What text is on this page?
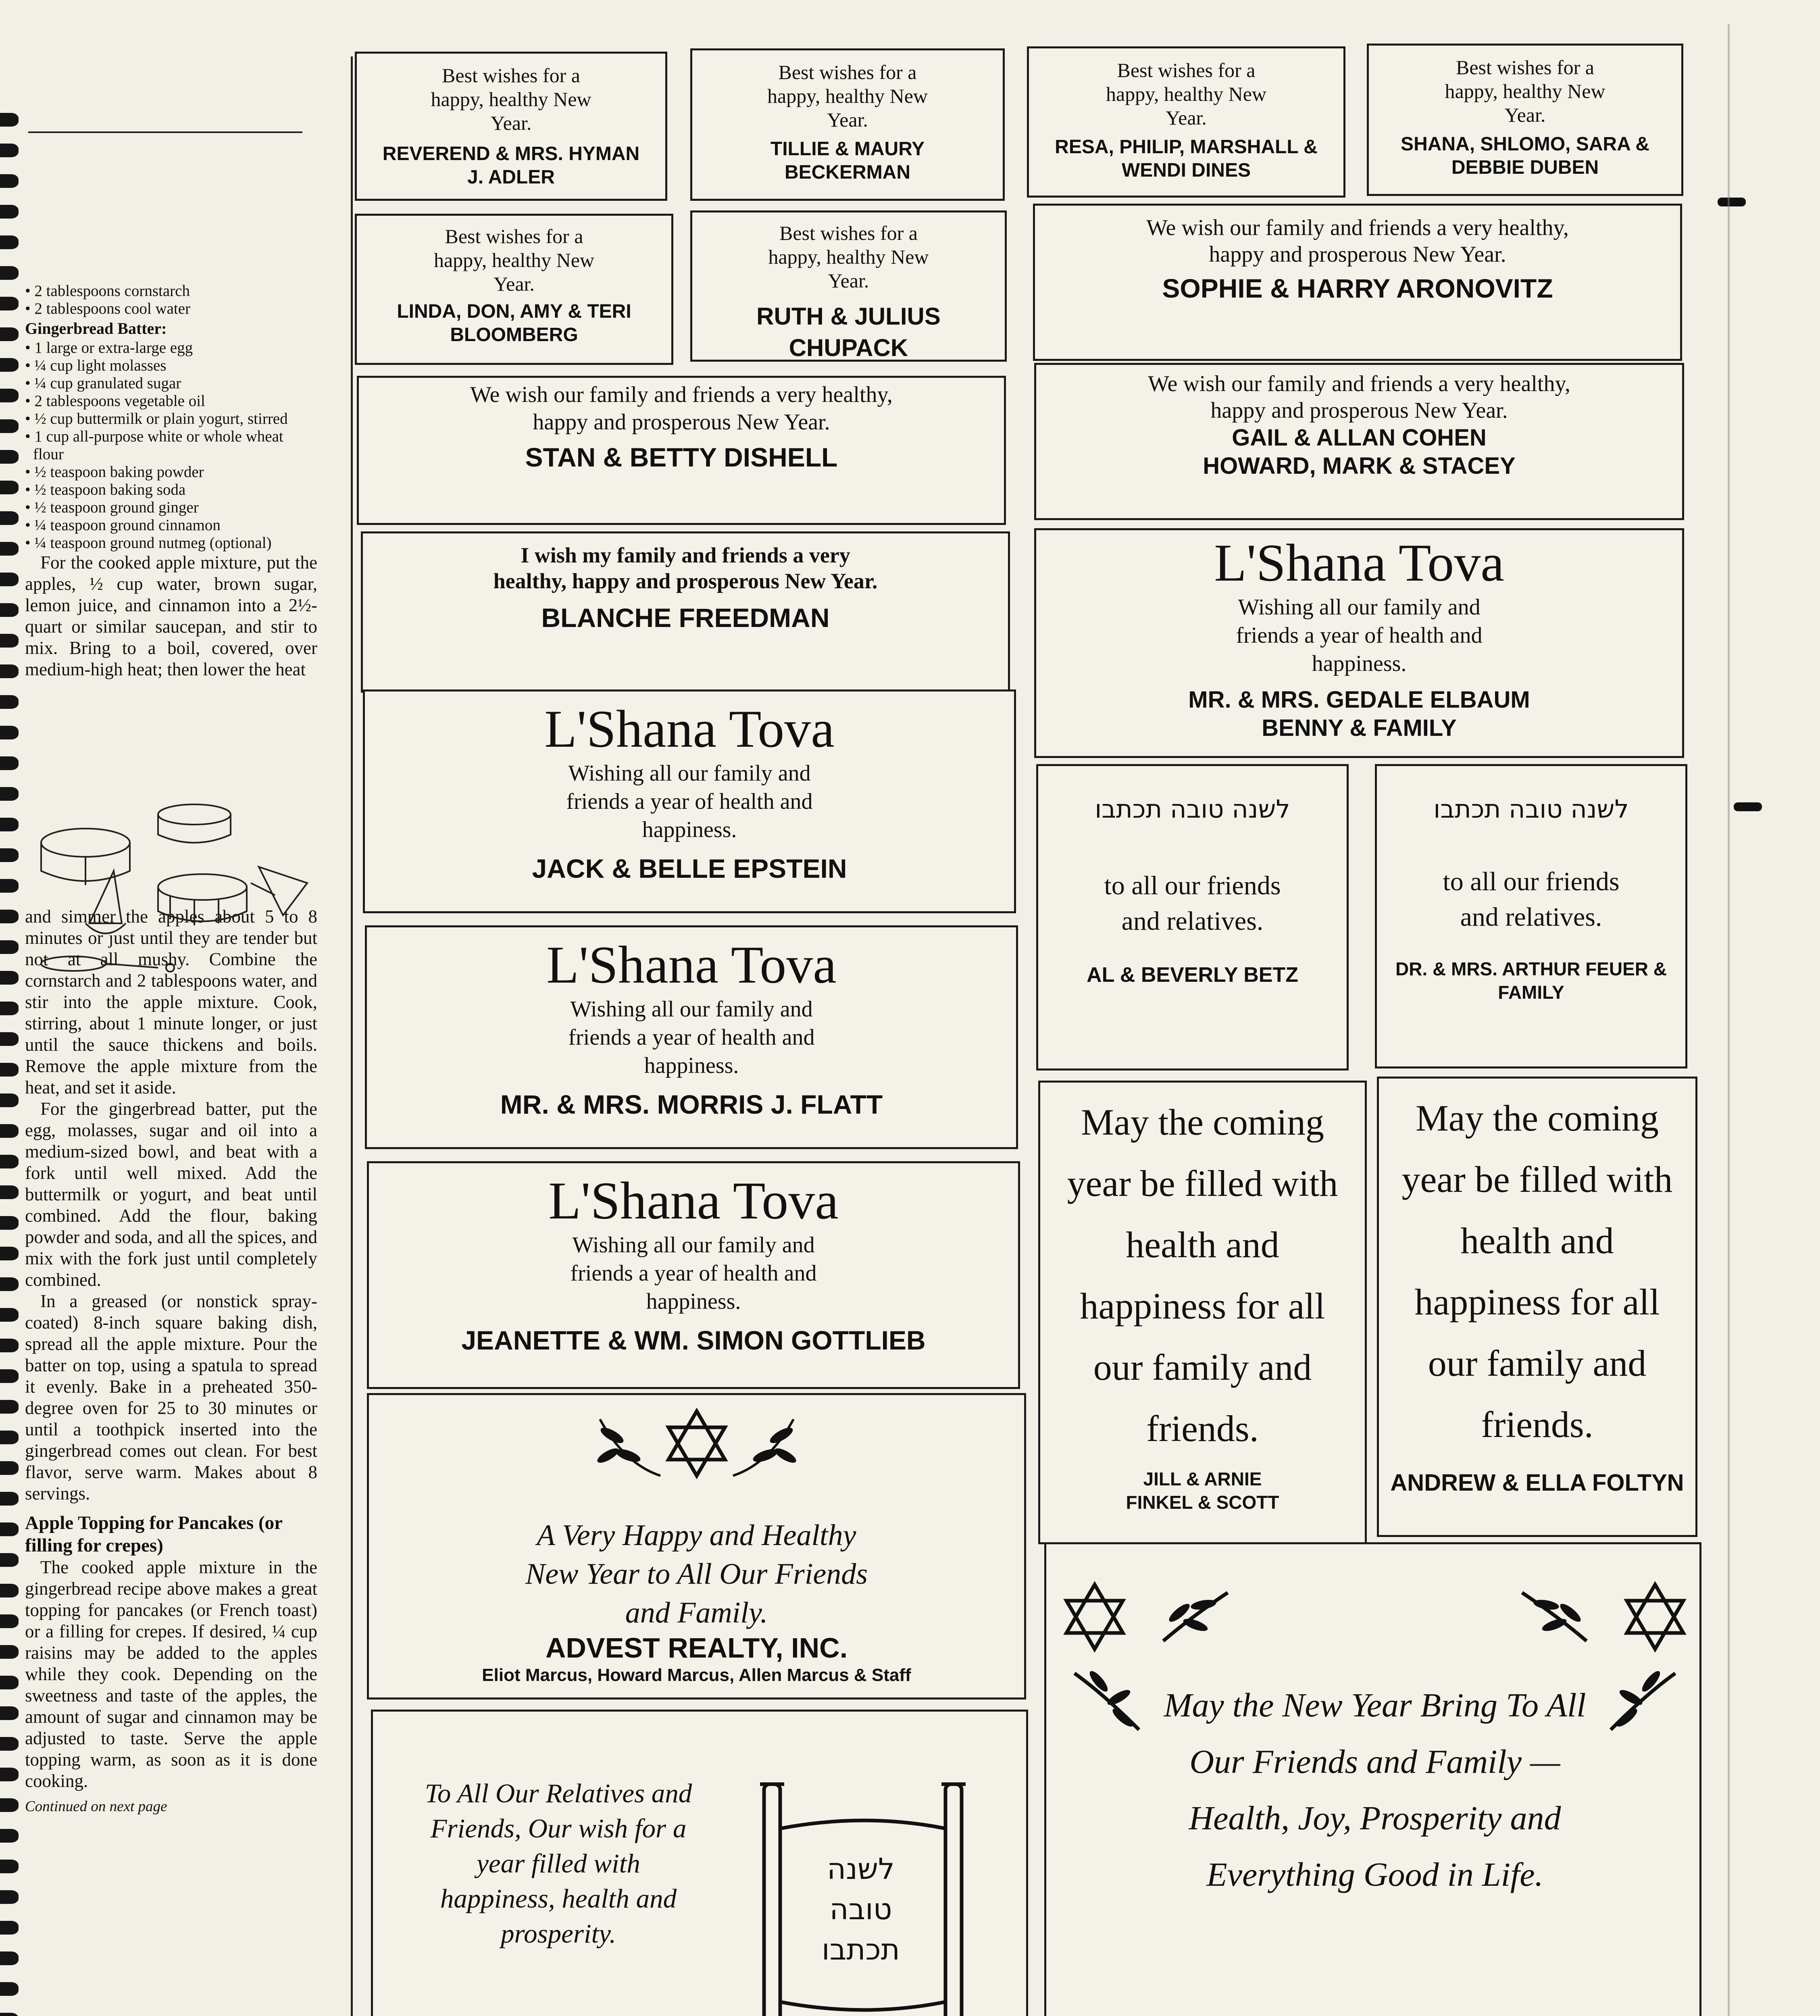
• 2 tablespoons cornstarch
• 2 tablespoons cool water
Gingerbread Batter:
• 1 large or extra-large egg
• ¼ cup light molasses
• ¼ cup granulated sugar
• 2 tablespoons vegetable oil
• ½ cup buttermilk or plain yogurt, stirred
• 1 cup all-purpose white or whole wheat flour
• ½ teaspoon baking powder
• ½ teaspoon baking soda
• ½ teaspoon ground ginger
• ¼ teaspoon ground cinnamon
• ¼ teaspoon ground nutmeg (optional)

For the cooked apple mixture, put the apples, ½ cup water, brown sugar, lemon juice, and cinnamon into a 2½-quart or similar saucepan, and stir to mix. Bring to a boil, covered, over medium-high heat; then lower the heat

and simmer the apples about 5 to 8 minutes or just until they are tender but not at all mushy. Combine the cornstarch and 2 tablespoons water, and stir into the apple mixture. Cook, stirring, about 1 minute longer, or just until the sauce thickens and boils. Remove the apple mixture from the heat, and set it aside.

For the gingerbread batter, put the egg, molasses, sugar and oil into a medium-sized bowl, and beat with a fork until well mixed. Add the buttermilk or yogurt, and beat until combined. Add the flour, baking powder and soda, and all the spices, and mix with the fork just until completely combined.

In a greased (or nonstick spray-coated) 8-inch square baking dish, spread all the apple mixture. Pour the batter on top, using a spatula to spread it evenly. Bake in a preheated 350-degree oven for 25 to 30 minutes or until a toothpick inserted into the gingerbread comes out clean. For best flavor, serve warm. Makes about 8 servings.

Apple Topping for Pancakes (or filling for crepes)

The cooked apple mixture in the gingerbread recipe above makes a great topping for pancakes (or French toast) or a filling for crepes. If desired, ¼ cup raisins may be added to the apples while they cook. Depending on the sweetness and taste of the apples, the amount of sugar and cinnamon may be adjusted to taste. Serve the apple topping warm, as soon as it is done cooking.

Continued on next page
Best wishes for a happy, healthy New Year.
REVEREND & MRS. HYMAN J. ADLER
Best wishes for a happy, healthy New Year.
TILLIE & MAURY BECKERMAN
Best wishes for a happy, healthy New Year.
RESA, PHILIP, MARSHALL & WENDI DINES
Best wishes for a happy, healthy New Year.
SHANA, SHLOMO, SARA & DEBBIE DUBEN
Best wishes for a happy, healthy New Year.
LINDA, DON, AMY & TERI BLOOMBERG
Best wishes for a happy, healthy New Year.
RUTH & JULIUS CHUPACK
We wish our family and friends a very healthy, happy and prosperous New Year.
SOPHIE & HARRY ARONOVITZ
We wish our family and friends a very healthy, happy and prosperous New Year.
STAN & BETTY DISHELL
We wish our family and friends a very healthy, happy and prosperous New Year.
GAIL & ALLAN COHEN
HOWARD, MARK & STACEY
I wish my family and friends a very healthy, happy and prosperous New Year.
BLANCHE FREEDMAN
L'Shana Tova
Wishing all our family and friends a year of health and happiness.
MR. & MRS. GEDALE ELBAUM
BENNY & FAMILY
L'Shana Tova
Wishing all our family and friends a year of health and happiness.
JACK & BELLE EPSTEIN
L'Shana Tova
Wishing all our family and friends a year of health and happiness.
MR. & MRS. MORRIS J. FLATT
L'Shana Tova
Wishing all our family and friends a year of health and happiness.
JEANETTE & WM. SIMON GOTTLIEB
לשנה טובה תכתבו
to all our friends and relatives.
AL & BEVERLY BETZ
לשנה טובה תכתבו
to all our friends and relatives.
DR. & MRS. ARTHUR FEUER & FAMILY
May the coming year be filled with health and happiness for all our family and friends.
JILL & ARNIE FINKEL & SCOTT
May the coming year be filled with health and happiness for all our family and friends.
ANDREW & ELLA FOLTYN
A Very Happy and Healthy New Year to All Our Friends and Family.
ADVEST REALTY, INC.
Eliot Marcus, Howard Marcus, Allen Marcus & Staff
To All Our Relatives and Friends, Our wish for a year filled with happiness, health and prosperity.
לשנה
טובה
תכתבו
May the New Year Bring To All Our Friends and Family — Health, Joy, Prosperity and Everything Good in Life.
